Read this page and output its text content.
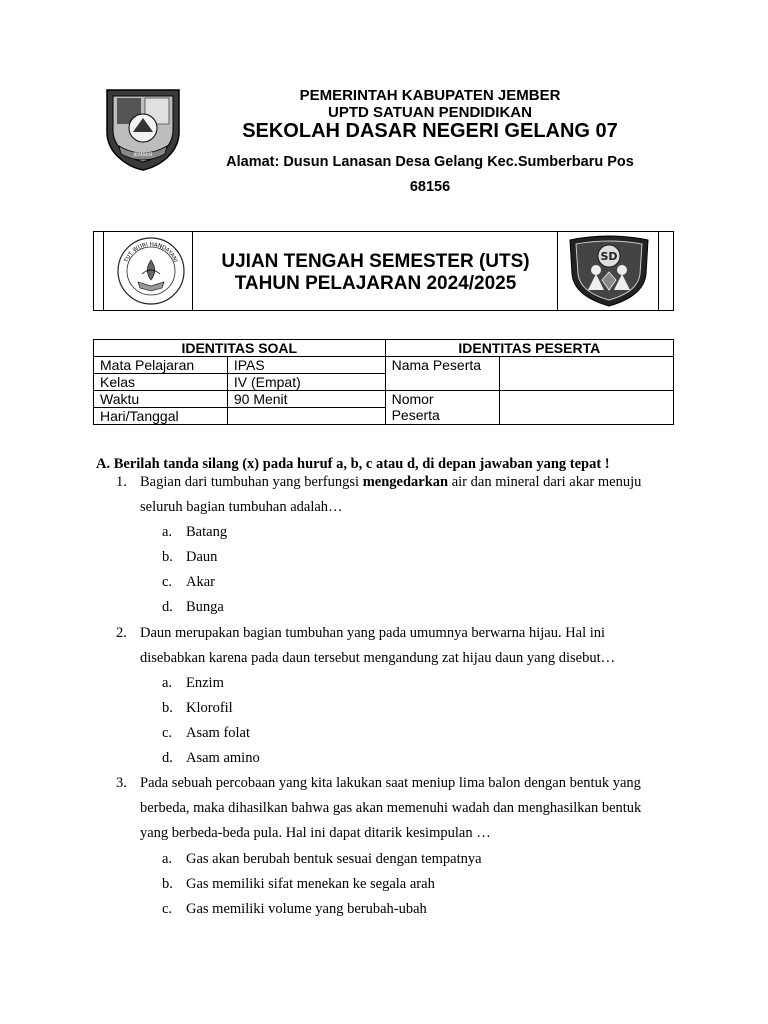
JEMBER
PEMERINTAH KABUPATEN JEMBER
UPTD SATUAN PENDIDIKAN
SEKOLAH DASAR NEGERI GELANG 07
Alamat: Dusun Lanasan Desa Gelang Kec.Sumberbaru Pos
68156
TUT WURI HANDAYANI	UJIAN TENGAH SEMESTER (UTS)
TAHUN PELAJARAN 2024/2025
SD
IDENTITAS SOAL		IDENTITAS PESERTA	
Mata Pelajaran	IPAS	Nama Peserta	
Kelas	IV (Empat)		
Waktu	90 Menit	Nomor
Peserta	
Hari/Tanggal			
A. Berilah tanda silang (x) pada huruf a, b, c atau d, di depan jawaban yang tepat !
1. Bagian dari tumbuhan yang berfungsi mengedarkan air dan mineral dari akar menuju
seluruh bagian tumbuhan adalah…
a. Batang
b. Daun
c. Akar
d. Bunga
2. Daun merupakan bagian tumbuhan yang pada umumnya berwarna hijau. Hal ini
disebabkan karena pada daun tersebut mengandung zat hijau daun yang disebut…
a. Enzim
b. Klorofil
c. Asam folat
d. Asam amino
3. Pada sebuah percobaan yang kita lakukan saat meniup lima balon dengan bentuk yang
berbeda, maka dihasilkan bahwa gas akan memenuhi wadah dan menghasilkan bentuk
yang berbeda-beda pula. Hal ini dapat ditarik kesimpulan …
a. Gas akan berubah bentuk sesuai dengan tempatnya
b. Gas memiliki sifat menekan ke segala arah
c. Gas memiliki volume yang berubah-ubah
